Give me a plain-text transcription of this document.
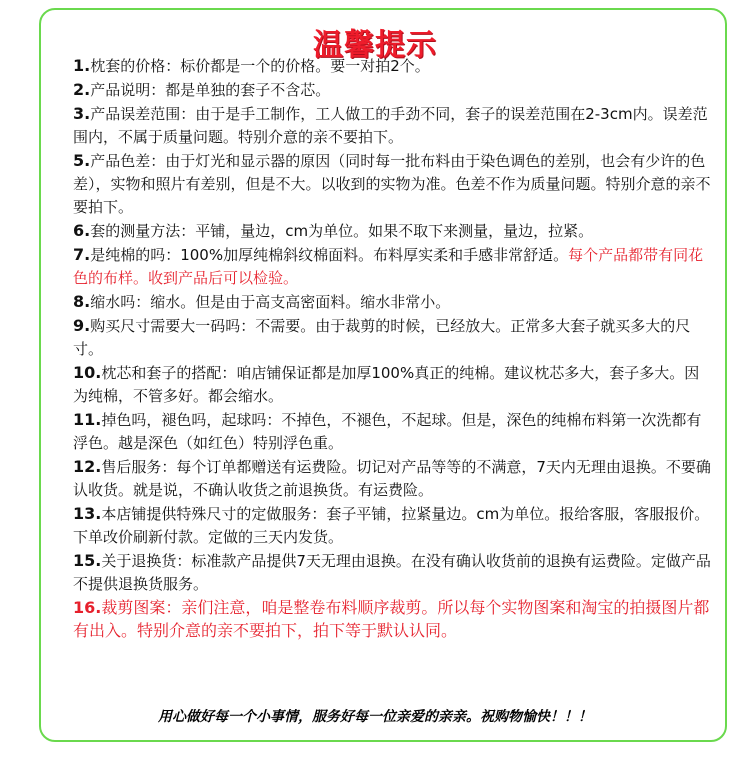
温馨提示

1.枕套的价格：标价都是一个的价格。要一对拍2个。

2.产品说明：都是单独的套子不含芯。

3.产品误差范围：由于是手工制作，工人做工的手劲不同，套子的误差范围在2-3cm内。误差范围内，不属于质量问题。特别介意的亲不要拍下。

5.产品色差：由于灯光和显示器的原因（同时每一批布料由于染色调色的差别，也会有少许的色差），实物和照片有差别，但是不大。以收到的实物为准。色差不作为质量问题。特别介意的亲不要拍下。

6.套的测量方法：平铺，量边，cm为单位。如果不取下来测量，量边，拉紧。

7.是纯棉的吗：100%加厚纯棉斜纹棉面料。布料厚实柔和手感非常舒适。每个产品都带有同花色的布样。收到产品后可以检验。

8.缩水吗：缩水。但是由于高支高密面料。缩水非常小。

9.购买尺寸需要大一码吗：不需要。由于裁剪的时候，已经放大。正常多大套子就买多大的尺寸。

10.枕芯和套子的搭配：咱店铺保证都是加厚100%真正的纯棉。建议枕芯多大，套子多大。因为纯棉，不管多好。都会缩水。

11.掉色吗，褪色吗，起球吗：不掉色，不褪色，不起球。但是，深色的纯棉布料第一次洗都有浮色。越是深色（如红色）特别浮色重。

12.售后服务：每个订单都赠送有运费险。切记对产品等等的不满意，7天内无理由退换。不要确认收货。就是说，不确认收货之前退换货。有运费险。

13.本店铺提供特殊尺寸的定做服务：套子平铺，拉紧量边。cm为单位。报给客服，客服报价。下单改价刷新付款。定做的三天内发货。

15.关于退换货：标准款产品提供7天无理由退换。在没有确认收货前的退换有运费险。定做产品不提供退换货服务。

16.裁剪图案：亲们注意，咱是整卷布料顺序裁剪。所以每个实物图案和淘宝的拍摄图片都有出入。特别介意的亲不要拍下，拍下等于默认认同。

用心做好每一个小事情，服务好每一位亲爱的亲亲。祝购物愉快！！！
